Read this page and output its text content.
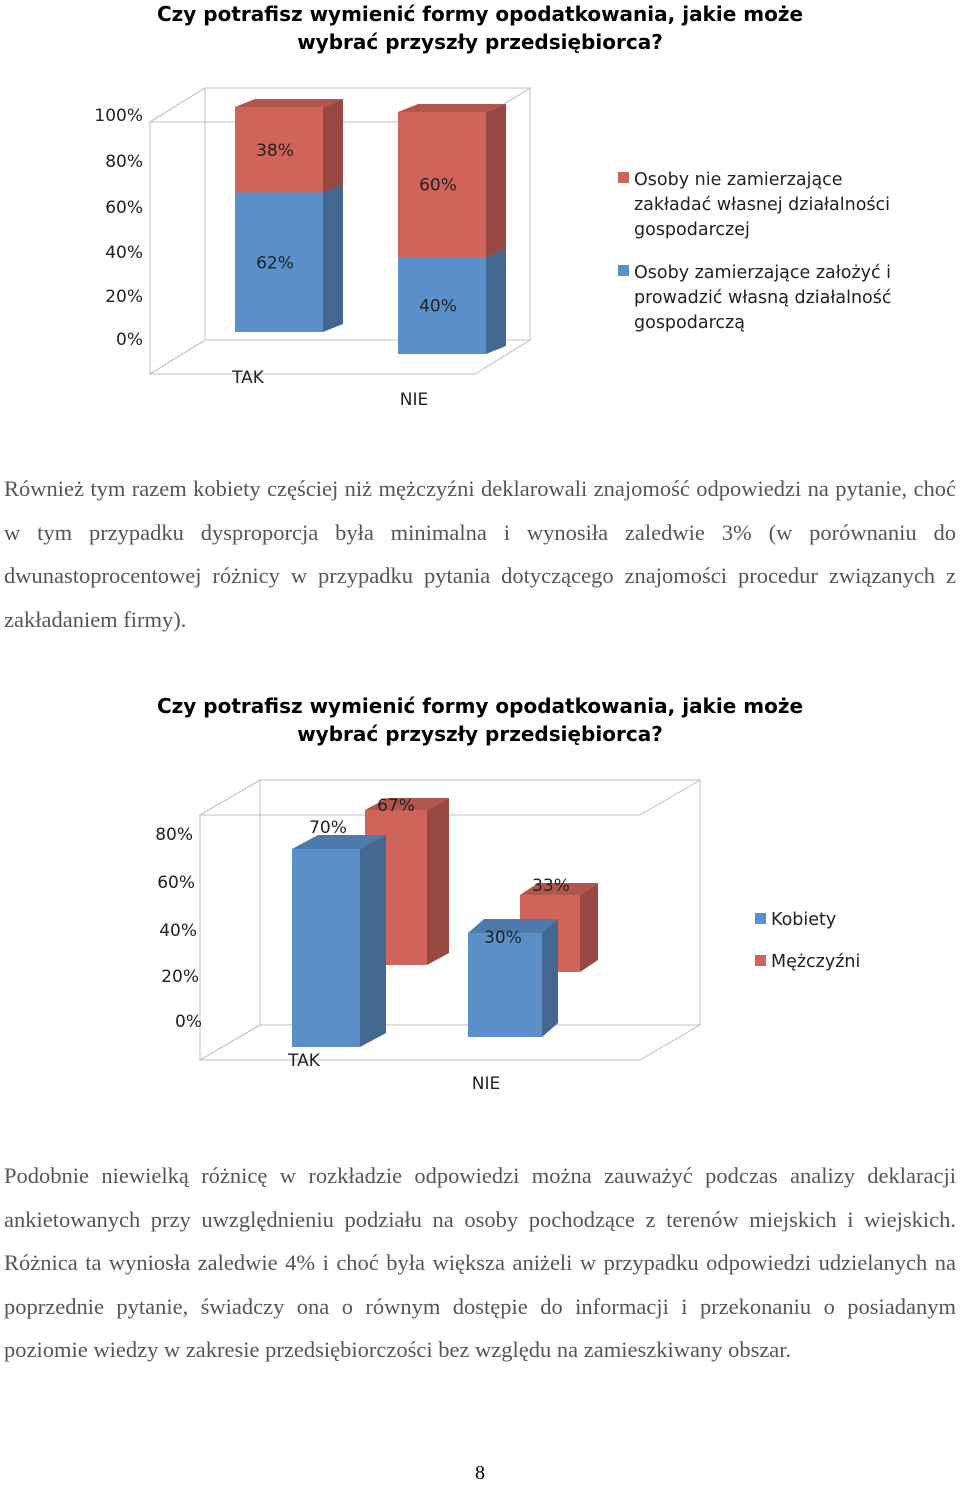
Czy potrafisz wymienić formy opodatkowania, jakie może
wybrać przyszły przedsiębiorca?
0%
20%
40%
60%
80%
100%
62%
38%
40%
60%
TAK
NIE
Osoby nie zamierzające
zakładać własnej działalności
gospodarczej
Osoby zamierzające założyć i
prowadzić własną działalność
gospodarczą

Również tym razem kobiety częściej niż mężczyźni deklarowali znajomość odpowiedzi na pytanie, choć w tym przypadku dysproporcja była minimalna i wynosiła zaledwie 3% (w porównaniu do dwunastoprocentowej różnicy w przypadku pytania dotyczącego znajomości procedur związanych z zakładaniem firmy).

Czy potrafisz wymienić formy opodatkowania, jakie może
wybrać przyszły przedsiębiorca?
0%
20%
40%
60%
80%	70%
30%
67%
33%
TAK
NIE
Kobiety
Mężczyźni

Podobnie niewielką różnicę w rozkładzie odpowiedzi można zauważyć podczas analizy deklaracji ankietowanych przy uwzględnieniu podziału na osoby pochodzące z terenów miejskich i wiejskich. Różnica ta wyniosła zaledwie 4% i choć była większa aniżeli w przypadku odpowiedzi udzielanych na poprzednie pytanie, świadczy ona o równym dostępie do informacji i przekonaniu o posiadanym poziomie wiedzy w zakresie przedsiębiorczości bez względu na zamieszkiwany obszar.

8
